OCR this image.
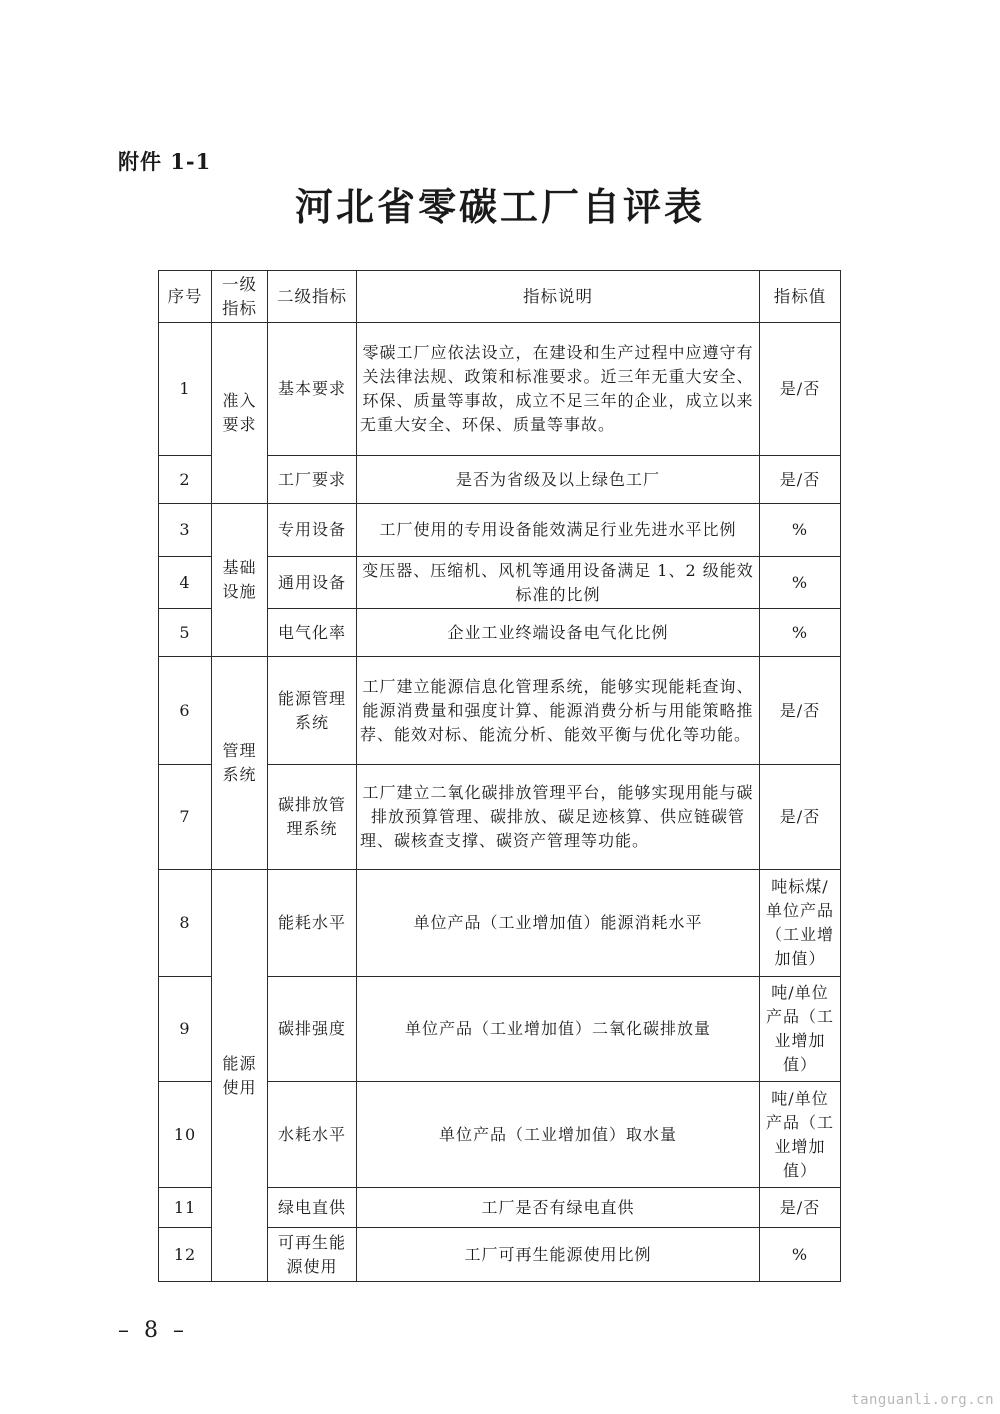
附件 1-1
河北省零碳工厂自评表
序号	一级指标	二级指标	指标说明	指标值
1	准入要求	基本要求	零碳工厂应依法设立，在建设和生产过程中应遵守有关法律法规、政策和标准要求。近三年无重大安全、环保、质量等事故，成立不足三年的企业，成立以来无重大安全、环保、质量等事故。	是/否
2		工厂要求	是否为省级及以上绿色工厂	是/否
3	基础设施	专用设备	工厂使用的专用设备能效满足行业先进水平比例	%
4		通用设备	变压器、压缩机、风机等通用设备满足 1、2 级能效标准的比例	%
5		电气化率	企业工业终端设备电气化比例	%
6	管理系统	能源管理系统	工厂建立能源信息化管理系统，能够实现能耗查询、能源消费量和强度计算、能源消费分析与用能策略推荐、能效对标、能流分析、能效平衡与优化等功能。	是/否
7		碳排放管理系统	工厂建立二氧化碳排放管理平台，能够实现用能与碳排放预算管理、碳排放、碳足迹核算、供应链碳管理、碳核查支撑、碳资产管理等功能。	是/否
8	能源使用	能耗水平	单位产品（工业增加值）能源消耗水平	吨标煤/单位产品（工业增加值）
9		碳排强度	单位产品（工业增加值）二氧化碳排放量	吨/单位产品（工业增加值）
10		水耗水平	单位产品（工业增加值）取水量	吨/单位产品（工业增加值）
11		绿电直供	工厂是否有绿电直供	是/否
12		可再生能源使用	工厂可再生能源使用比例	%
– 8 –
tanguanli.org.cn
